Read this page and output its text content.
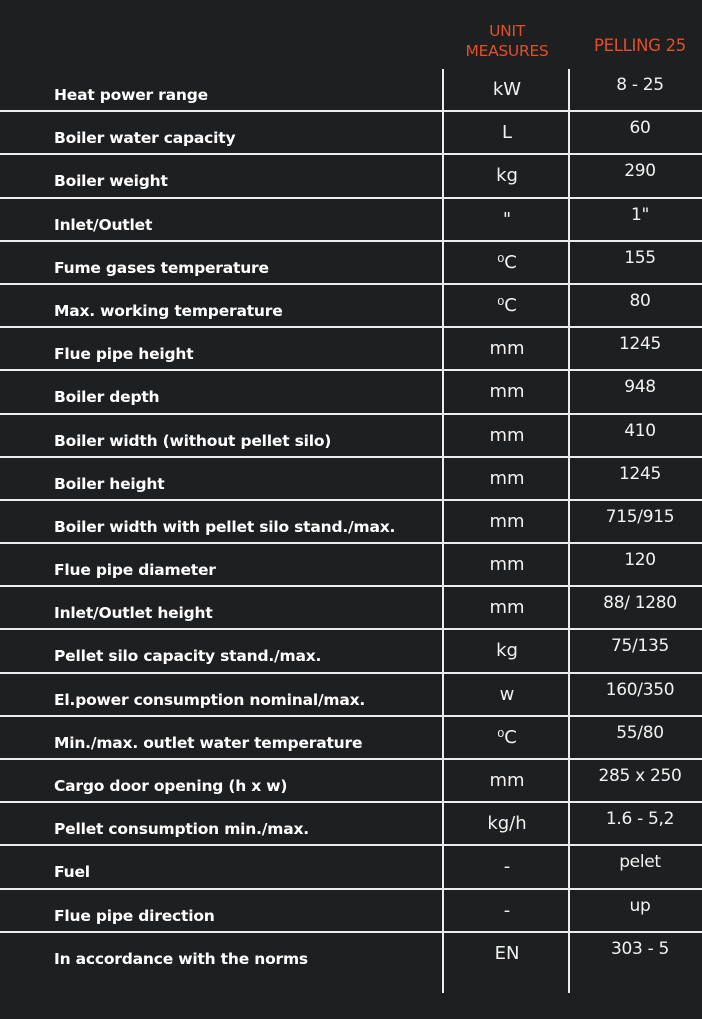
UNIT
MEASURES	PELLING 25
Heat power range	kW	8 - 25
Boiler water capacity	L	60
Boiler weight	kg	290
Inlet/Outlet	"	1"
Fume gases temperature	⁰C	155
Max. working temperature	⁰C	80
Flue pipe height	mm	1245
Boiler depth	mm	948
Boiler width (without pellet silo)	mm	410
Boiler height	mm	1245
Boiler width with pellet silo stand./max.	mm	715/915
Flue pipe diameter	mm	120
Inlet/Outlet height	mm	88/ 1280
Pellet silo capacity stand./max.	kg	75/135
El.power consumption nominal/max.	w	160/350
Min./max. outlet water temperature	⁰C	55/80
Cargo door opening (h x w)	mm	285 x 250
Pellet consumption min./max.	kg/h	1.6 - 5,2
Fuel	-	pelet
Flue pipe direction	-	up
In accordance with the norms	EN	303 - 5
